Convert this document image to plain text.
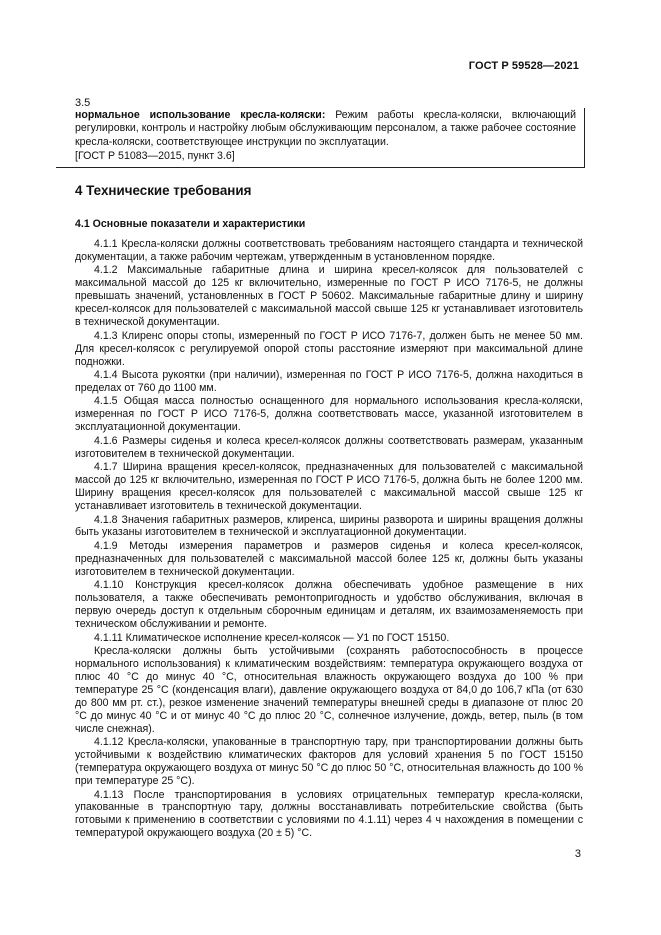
ГОСТ Р 59528—2021
3.5
нормальное использование кресла-коляски: Режим работы кресла-коляски, включающий регулировки, контроль и настройку любым обслуживающим персоналом, а также рабочее состояние кресла-коляски, соответствующее инструкции по эксплуатации.
[ГОСТ Р 51083—2015, пункт 3.6]
4 Технические требования
4.1 Основные показатели и характеристики

4.1.1 Кресла-коляски должны соответствовать требованиям настоящего стандарта и технической документации, а также рабочим чертежам, утвержденным в установленном порядке.

4.1.2 Максимальные габаритные длина и ширина кресел-колясок для пользователей с максимальной массой до 125 кг включительно, измеренные по ГОСТ Р ИСО 7176-5, не должны превышать значений, установленных в ГОСТ Р 50602. Максимальные габаритные длину и ширину кресел-колясок для пользователей с максимальной массой свыше 125 кг устанавливает изготовитель в технической документации.

4.1.3 Клиренс опоры стопы, измеренный по ГОСТ Р ИСО 7176-7, должен быть не менее 50 мм. Для кресел-колясок с регулируемой опорой стопы расстояние измеряют при максимальной длине подножки.

4.1.4 Высота рукоятки (при наличии), измеренная по ГОСТ Р ИСО 7176-5, должна находиться в пределах от 760 до 1100 мм.

4.1.5 Общая масса полностью оснащенного для нормального использования кресла-коляски, измеренная по ГОСТ Р ИСО 7176-5, должна соответствовать массе, указанной изготовителем в эксплуатационной документации.

4.1.6 Размеры сиденья и колеса кресел-колясок должны соответствовать размерам, указанным изготовителем в технической документации.

4.1.7 Ширина вращения кресел-колясок, предназначенных для пользователей с максимальной массой до 125 кг включительно, измеренная по ГОСТ Р ИСО 7176-5, должна быть не более 1200 мм. Ширину вращения кресел-колясок для пользователей с максимальной массой свыше 125 кг устанавливает изготовитель в технической документации.

4.1.8 Значения габаритных размеров, клиренса, ширины разворота и ширины вращения должны быть указаны изготовителем в технической и эксплуатационной документации.

4.1.9 Методы измерения параметров и размеров сиденья и колеса кресел-колясок, предназначенных для пользователей с максимальной массой более 125 кг, должны быть указаны изготовителем в технической документации.

4.1.10 Конструкция кресел-колясок должна обеспечивать удобное размещение в них пользователя, а также обеспечивать ремонтопригодность и удобство обслуживания, включая в первую очередь доступ к отдельным сборочным единицам и деталям, их взаимозаменяемость при техническом обслуживании и ремонте.

4.1.11 Климатическое исполнение кресел-колясок — У1 по ГОСТ 15150.

Кресла-коляски должны быть устойчивыми (сохранять работоспособность в процессе нормального использования) к климатическим воздействиям: температура окружающего воздуха от плюс 40 °С до минус 40 °С, относительная влажность окружающего воздуха до 100 % при температуре 25 °С (конденсация влаги), давление окружающего воздуха от 84,0 до 106,7 кПа (от 630 до 800 мм рт. ст.), резкое изменение значений температуры внешней среды в диапазоне от плюс 20 °С до минус 40 °С и от минус 40 °С до плюс 20 °С, солнечное излучение, дождь, ветер, пыль (в том числе снежная).

4.1.12 Кресла-коляски, упакованные в транспортную тару, при транспортировании должны быть устойчивыми к воздействию климатических факторов для условий хранения 5 по ГОСТ 15150 (температура окружающего воздуха от минус 50 °С до плюс 50 °С, относительная влажность до 100 % при температуре 25 °С).

4.1.13 После транспортирования в условиях отрицательных температур кресла-коляски, упакованные в транспортную тару, должны восстанавливать потребительские свойства (быть готовыми к применению в соответствии с условиями по 4.1.11) через 4 ч нахождения в помещении с температурой окружающего воздуха (20 ± 5) °С.

3
